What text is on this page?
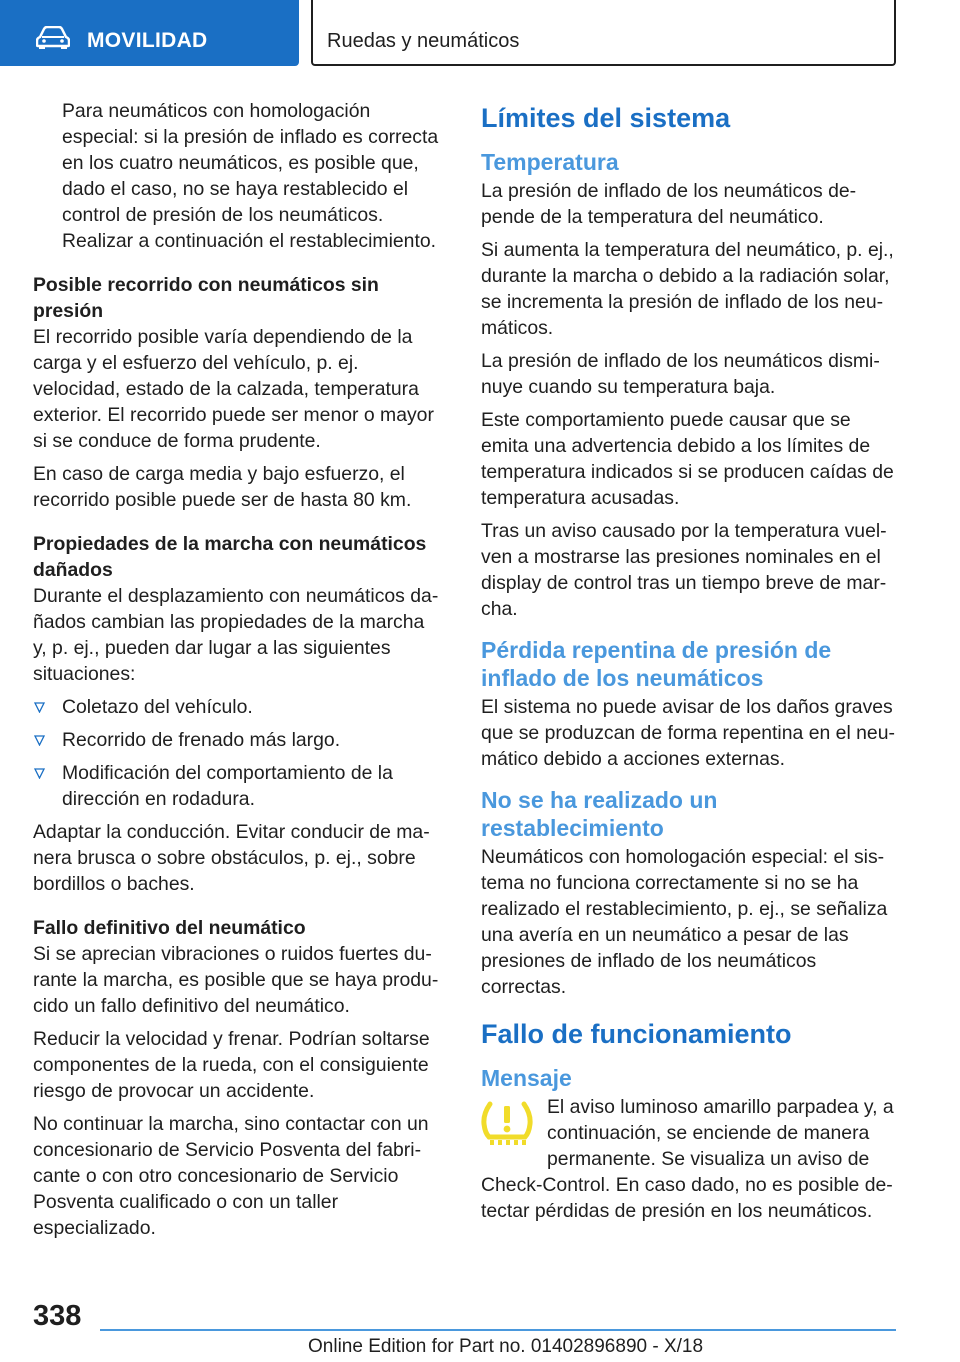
MOVILIDAD	Ruedas y neumáticos
Para neumáticos con homologación especial: si la presión de inflado es correcta en los cuatro neumáticos, es posible que, dado el caso, no se haya restablecido el control de presión de los neumáticos. Realizar a continuación el restablecimiento.
Posible recorrido con neumáticos sin presión
El recorrido posible varía dependiendo de la carga y el esfuerzo del vehículo, p. ej. velocidad, estado de la calzada, temperatura exterior. El recorrido puede ser menor o mayor si se conduce de forma prudente.
En caso de carga media y bajo esfuerzo, el recorrido posible puede ser de hasta 80 km.
Propiedades de la marcha con neumáticos dañados
Durante el desplazamiento con neumáticos dañados cambian las propiedades de la marcha y, p. ej., pueden dar lugar a las siguientes situaciones:
Coletazo del vehículo.
Recorrido de frenado más largo.
Modificación del comportamiento de la dirección en rodadura.
Adaptar la conducción. Evitar conducir de manera brusca o sobre obstáculos, p. ej., sobre bordillos o baches.
Fallo definitivo del neumático
Si se aprecian vibraciones o ruidos fuertes durante la marcha, es posible que se haya producido un fallo definitivo del neumático.
Reducir la velocidad y frenar. Podrían soltarse componentes de la rueda, con el consiguiente riesgo de provocar un accidente.
No continuar la marcha, sino contactar con un concesionario de Servicio Posventa del fabricante o con otro concesionario de Servicio Posventa cualificado o con un taller especializado.
Límites del sistema
Temperatura
La presión de inflado de los neumáticos depende de la temperatura del neumático.
Si aumenta la temperatura del neumático, p. ej., durante la marcha o debido a la radiación solar, se incrementa la presión de inflado de los neumáticos.
La presión de inflado de los neumáticos disminuye cuando su temperatura baja.
Este comportamiento puede causar que se emita una advertencia debido a los límites de temperatura indicados si se producen caídas de temperatura acusadas.
Tras un aviso causado por la temperatura vuelven a mostrarse las presiones nominales en el display de control tras un tiempo breve de marcha.
Pérdida repentina de presión de inflado de los neumáticos
El sistema no puede avisar de los daños graves que se produzcan de forma repentina en el neumático debido a acciones externas.
No se ha realizado un restablecimiento
Neumáticos con homologación especial: el sistema no funciona correctamente si no se ha realizado el restablecimiento, p. ej., se señaliza una avería en un neumático a pesar de las presiones de inflado de los neumáticos correctas.
Fallo de funcionamiento
Mensaje
El aviso luminoso amarillo parpadea y, a
continuación, se enciende de manera
permanente. Se visualiza un aviso de
Check-Control. En caso dado, no es posible detectar pérdidas de presión en los neumáticos.
338
Online Edition for Part no. 01402896890 - X/18
